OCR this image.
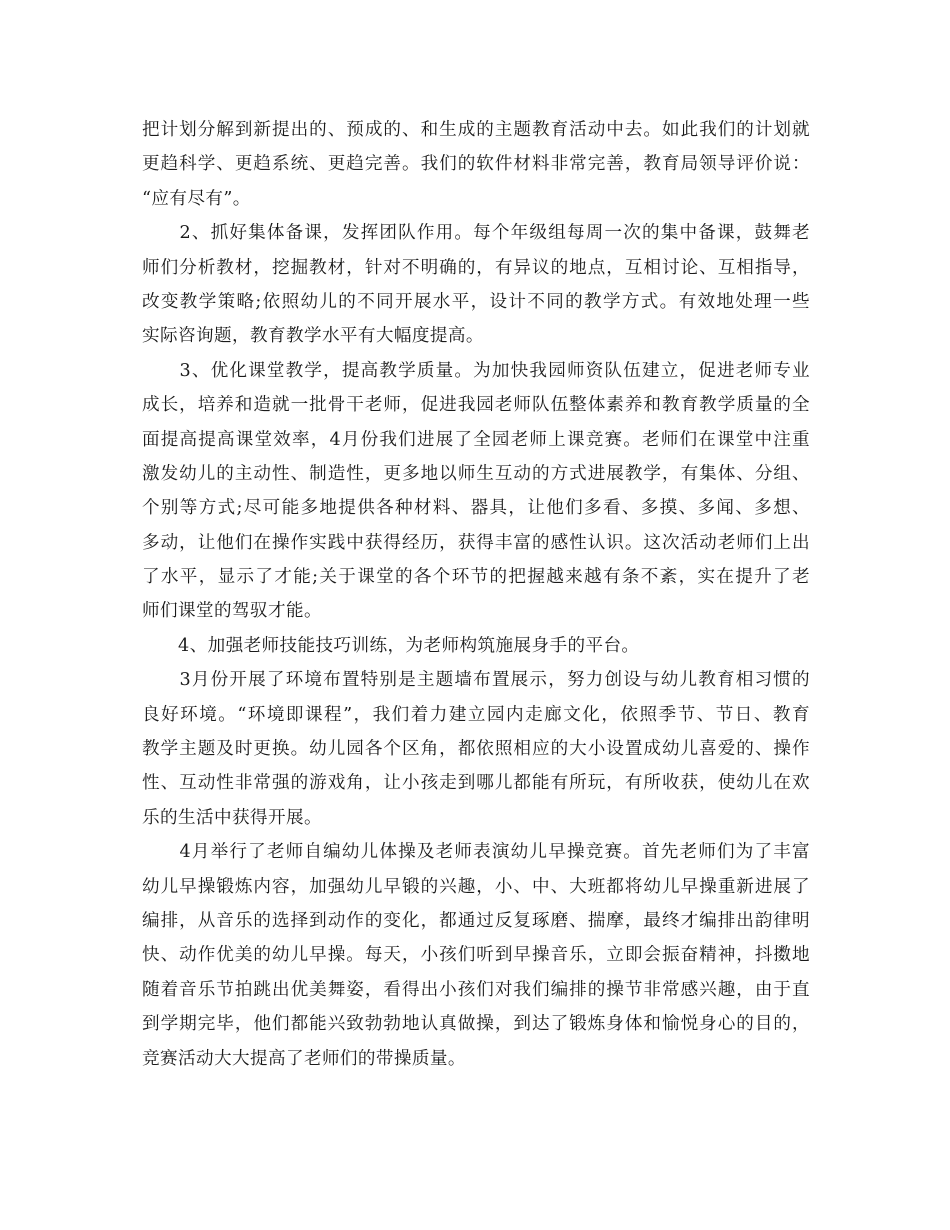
把计划分解到新提出的、预成的、和生成的主题教育活动中去。如此我们的计划就
更趋科学、更趋系统、更趋完善。我们的软件材料非常完善，教育局领导评价说：
“应有尽有”。
　　2、抓好集体备课，发挥团队作用。每个年级组每周一次的集中备课，鼓舞老
师们分析教材，挖掘教材，针对不明确的，有异议的地点，互相讨论、互相指导，
改变教学策略;依照幼儿的不同开展水平，设计不同的教学方式。有效地处理一些
实际咨询题，教育教学水平有大幅度提高。
　　3、优化课堂教学，提高教学质量。为加快我园师资队伍建立，促进老师专业
成长，培养和造就一批骨干老师，促进我园老师队伍整体素养和教育教学质量的全
面提高提高课堂效率，4月份我们进展了全园老师上课竞赛。老师们在课堂中注重
激发幼儿的主动性、制造性，更多地以师生互动的方式进展教学，有集体、分组、
个别等方式;尽可能多地提供各种材料、器具，让他们多看、多摸、多闻、多想、
多动，让他们在操作实践中获得经历，获得丰富的感性认识。这次活动老师们上出
了水平，显示了才能;关于课堂的各个环节的把握越来越有条不紊，实在提升了老
师们课堂的驾驭才能。
　　4、加强老师技能技巧训练，为老师构筑施展身手的平台。
　　3月份开展了环境布置特别是主题墙布置展示，努力创设与幼儿教育相习惯的
良好环境。“环境即课程”，我们着力建立园内走廊文化，依照季节、节日、教育
教学主题及时更换。幼儿园各个区角，都依照相应的大小设置成幼儿喜爱的、操作
性、互动性非常强的游戏角，让小孩走到哪儿都能有所玩，有所收获，使幼儿在欢
乐的生活中获得开展。
　　4月举行了老师自编幼儿体操及老师表演幼儿早操竞赛。首先老师们为了丰富
幼儿早操锻炼内容，加强幼儿早锻的兴趣，小、中、大班都将幼儿早操重新进展了
编排，从音乐的选择到动作的变化，都通过反复琢磨、揣摩，最终才编排出韵律明
快、动作优美的幼儿早操。每天，小孩们听到早操音乐，立即会振奋精神，抖擞地
随着音乐节拍跳出优美舞姿，看得出小孩们对我们编排的操节非常感兴趣，由于直
到学期完毕，他们都能兴致勃勃地认真做操，到达了锻炼身体和愉悦身心的目的，
竞赛活动大大提高了老师们的带操质量。
